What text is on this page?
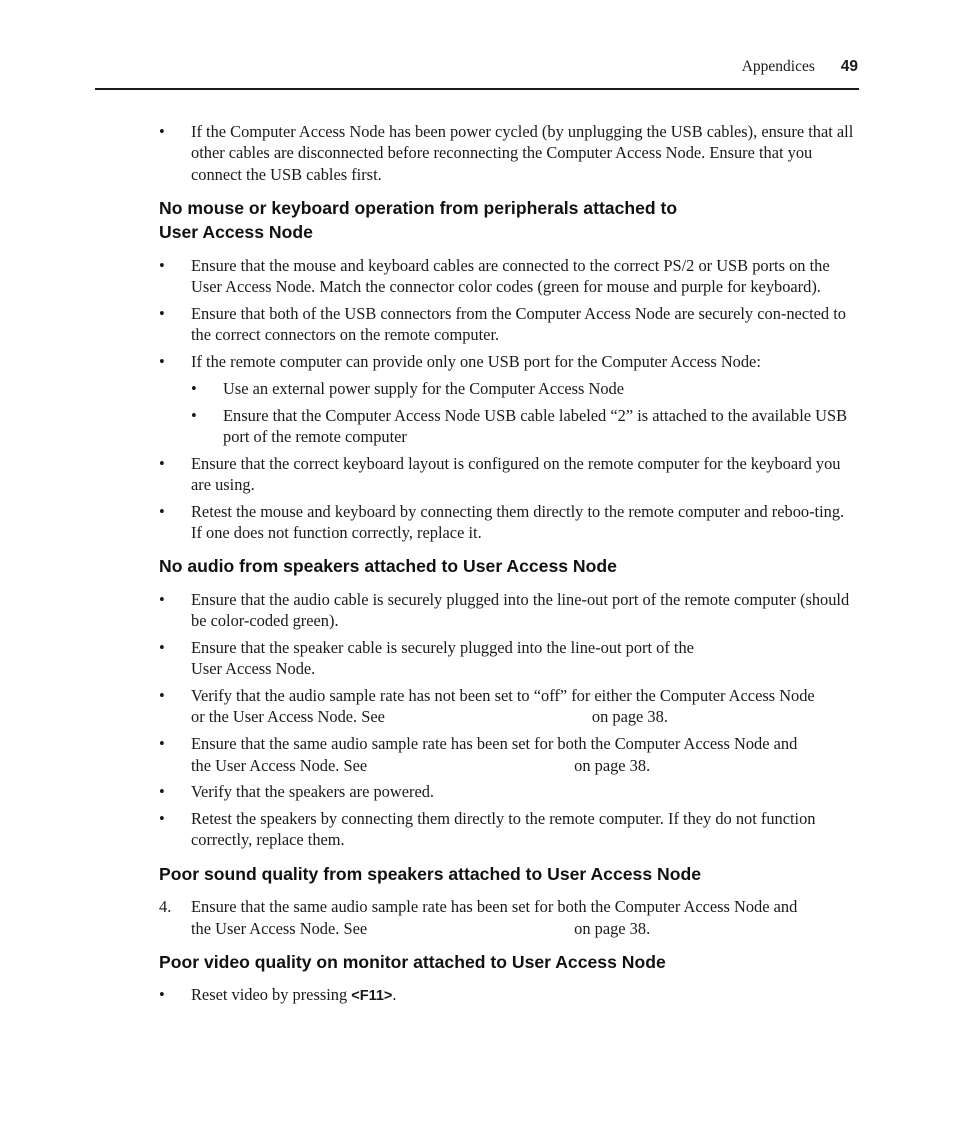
Appendices 49
• If the Computer Access Node has been power cycled (by unplugging the USB cables), ensure that all other cables are disconnected before reconnecting the Computer Access Node. Ensure that you connect the USB cables first.
No mouse or keyboard operation from peripherals attached to
User Access Node
• Ensure that the mouse and keyboard cables are connected to the correct PS/2 or USB ports on the User Access Node. Match the connector color codes (green for mouse and purple for keyboard).
• Ensure that both of the USB connectors from the Computer Access Node are securely con-nected to the correct connectors on the remote computer.
• If the remote computer can provide only one USB port for the Computer Access Node:
• Use an external power supply for the Computer Access Node
• Ensure that the Computer Access Node USB cable labeled “2” is attached to the available USB port of the remote computer
• Ensure that the correct keyboard layout is configured on the remote computer for the keyboard you are using.
• Retest the mouse and keyboard by connecting them directly to the remote computer and reboo-ting. If one does not function correctly, replace it.
No audio from speakers attached to User Access Node
• Ensure that the audio cable is securely plugged into the line-out port of the remote computer (should be color-coded green).
• Ensure that the speaker cable is securely plugged into the line-out port of the
User Access Node.
• Verify that the audio sample rate has not been set to “off” for either the Computer Access Node
or the User Access Node. See	on page 38.
• Ensure that the same audio sample rate has been set for both the Computer Access Node and
the User Access Node. See	on page 38.
• Verify that the speakers are powered.
• Retest the speakers by connecting them directly to the remote computer. If they do not function correctly, replace them.
Poor sound quality from speakers attached to User Access Node
4. Ensure that the same audio sample rate has been set for both the Computer Access Node and
the User Access Node. See	on page 38.
Poor video quality on monitor attached to User Access Node
• Reset video by pressing <F11>.
